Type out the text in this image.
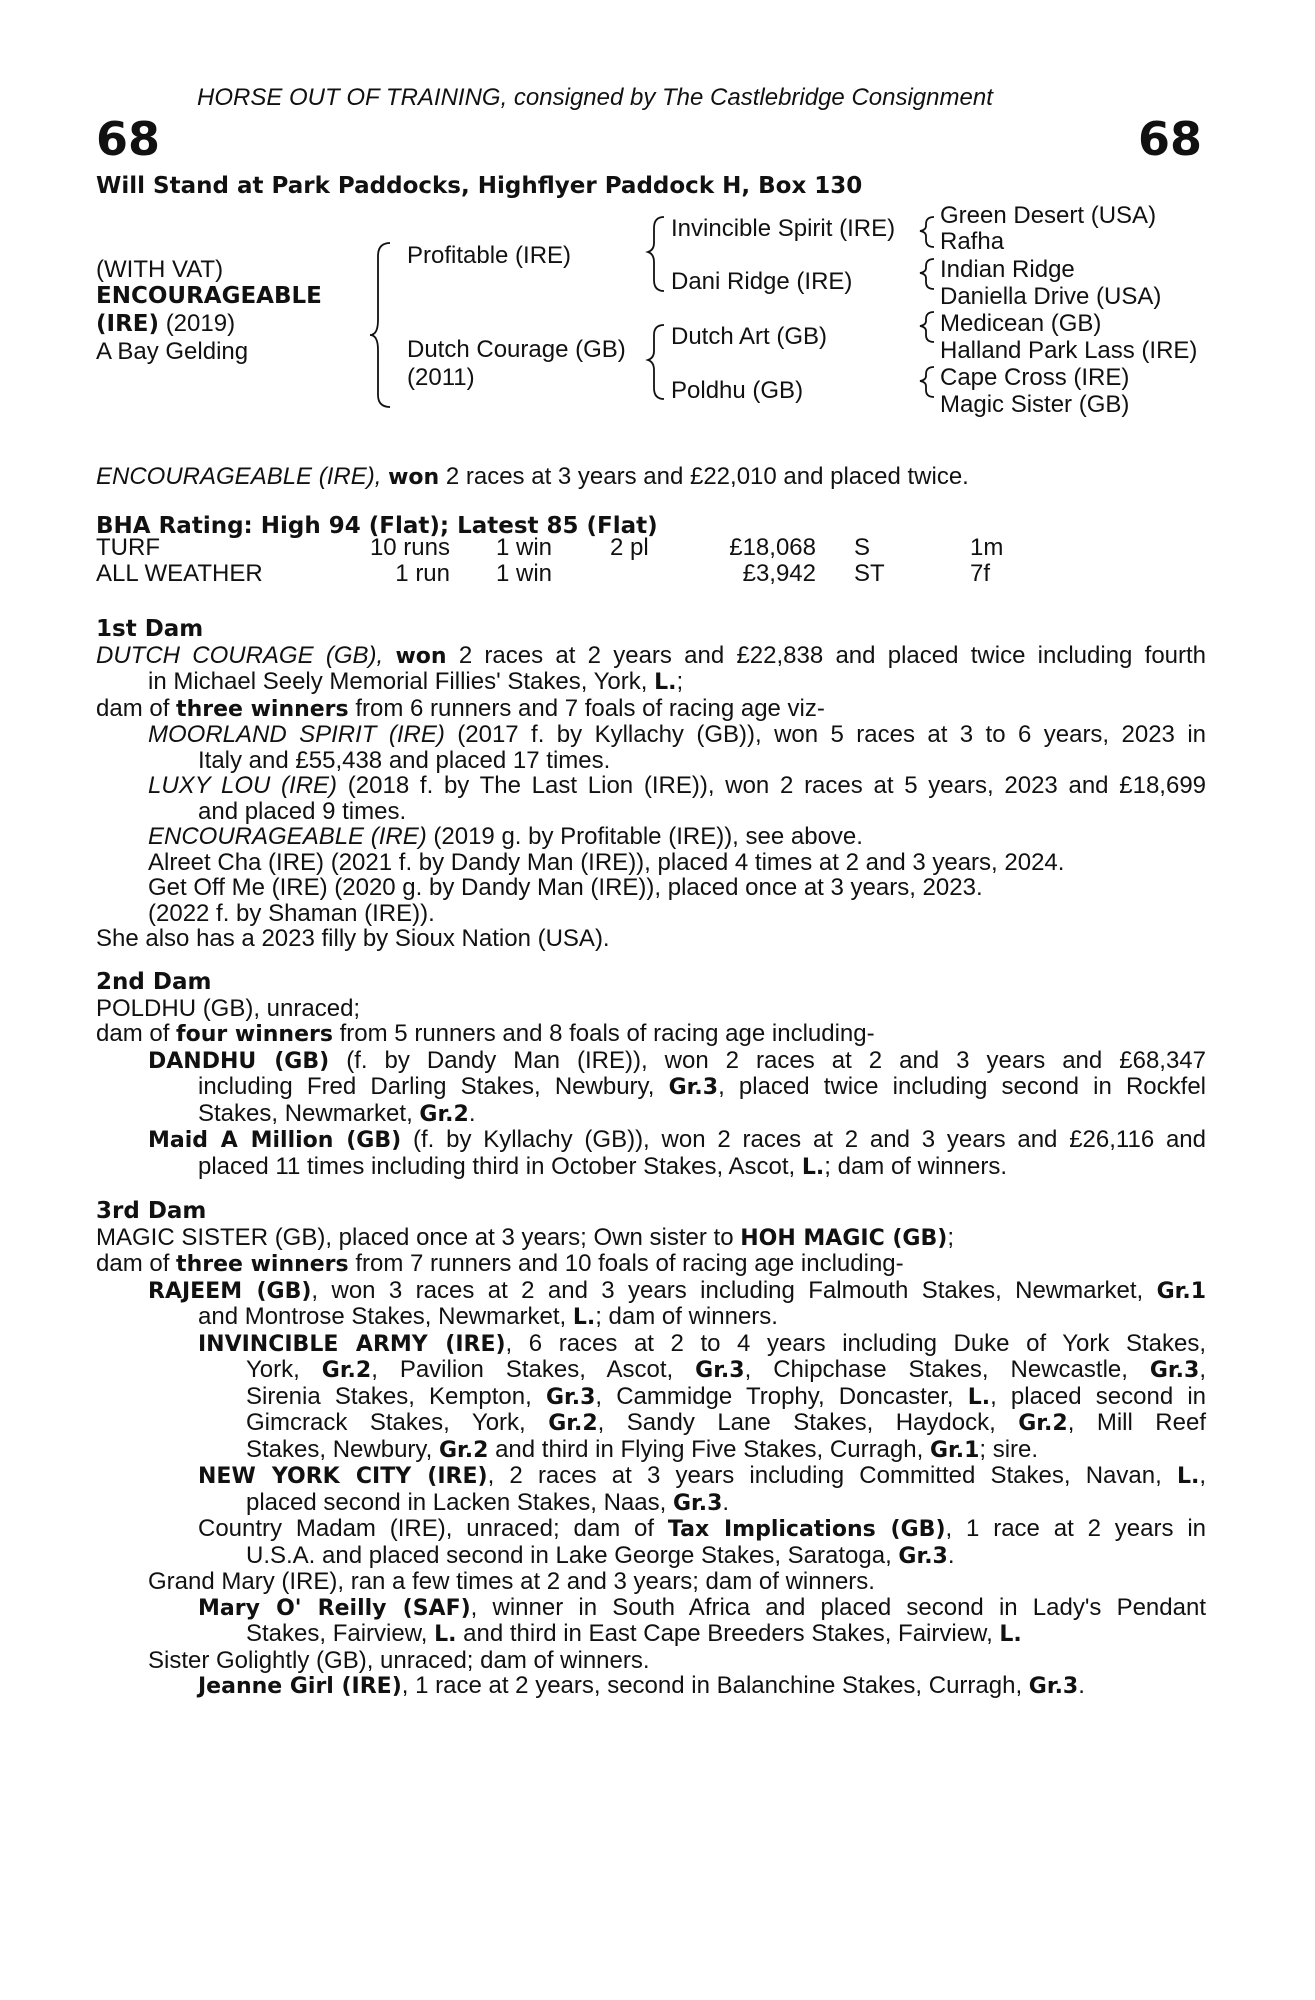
HORSE OUT OF TRAINING, consigned by The Castlebridge Consignment
68	68
Will Stand at Park Paddocks, Highflyer Paddock H, Box 130
(WITH VAT)
ENCOURAGEABLE
(IRE) (2019)
A Bay Gelding
Profitable (IRE)
Dutch Courage (GB)
(2011)
Invincible Spirit (IRE)
Dani Ridge (IRE)
Dutch Art (GB)
Poldhu (GB)
Green Desert (USA)
Rafha
Indian Ridge
Daniella Drive (USA)
Medicean (GB)
Halland Park Lass (IRE)
Cape Cross (IRE)
Magic Sister (GB)
ENCOURAGEABLE (IRE), won 2 races at 3 years and £22,010 and placed twice.
BHA Rating: High 94 (Flat); Latest 85 (Flat)
TURF	10 runs 1 win 2 pl	£18,068 S	1m
ALL WEATHER	1 run 1 win	£3,942 ST	7f
1st Dam
DUTCH COURAGE (GB), won 2 races at 2 years and £22,838 and placed twice including fourth
in Michael Seely Memorial Fillies' Stakes, York, L.;
dam of three winners from 6 runners and 7 foals of racing age viz-
MOORLAND SPIRIT (IRE) (2017 f. by Kyllachy (GB)), won 5 races at 3 to 6 years, 2023 in
Italy and £55,438 and placed 17 times.
LUXY LOU (IRE) (2018 f. by The Last Lion (IRE)), won 2 races at 5 years, 2023 and £18,699
and placed 9 times.
ENCOURAGEABLE (IRE) (2019 g. by Profitable (IRE)), see above.
Alreet Cha (IRE) (2021 f. by Dandy Man (IRE)), placed 4 times at 2 and 3 years, 2024.
Get Off Me (IRE) (2020 g. by Dandy Man (IRE)), placed once at 3 years, 2023.
(2022 f. by Shaman (IRE)).
She also has a 2023 filly by Sioux Nation (USA).
2nd Dam
POLDHU (GB), unraced;
dam of four winners from 5 runners and 8 foals of racing age including-
DANDHU (GB) (f. by Dandy Man (IRE)), won 2 races at 2 and 3 years and £68,347
including Fred Darling Stakes, Newbury, Gr.3, placed twice including second in Rockfel
Stakes, Newmarket, Gr.2.
Maid A Million (GB) (f. by Kyllachy (GB)), won 2 races at 2 and 3 years and £26,116 and
placed 11 times including third in October Stakes, Ascot, L.; dam of winners.
3rd Dam
MAGIC SISTER (GB), placed once at 3 years; Own sister to HOH MAGIC (GB);
dam of three winners from 7 runners and 10 foals of racing age including-
RAJEEM (GB), won 3 races at 2 and 3 years including Falmouth Stakes, Newmarket, Gr.1
and Montrose Stakes, Newmarket, L.; dam of winners.
INVINCIBLE ARMY (IRE), 6 races at 2 to 4 years including Duke of York Stakes,
York, Gr.2, Pavilion Stakes, Ascot, Gr.3, Chipchase Stakes, Newcastle, Gr.3,
Sirenia Stakes, Kempton, Gr.3, Cammidge Trophy, Doncaster, L., placed second in
Gimcrack Stakes, York, Gr.2, Sandy Lane Stakes, Haydock, Gr.2, Mill Reef
Stakes, Newbury, Gr.2 and third in Flying Five Stakes, Curragh, Gr.1; sire.
NEW YORK CITY (IRE), 2 races at 3 years including Committed Stakes, Navan, L.,
placed second in Lacken Stakes, Naas, Gr.3.
Country Madam (IRE), unraced; dam of Tax Implications (GB), 1 race at 2 years in
U.S.A. and placed second in Lake George Stakes, Saratoga, Gr.3.
Grand Mary (IRE), ran a few times at 2 and 3 years; dam of winners.
Mary O' Reilly (SAF), winner in South Africa and placed second in Lady's Pendant
Stakes, Fairview, L. and third in East Cape Breeders Stakes, Fairview, L.
Sister Golightly (GB), unraced; dam of winners.
Jeanne Girl (IRE), 1 race at 2 years, second in Balanchine Stakes, Curragh, Gr.3.
